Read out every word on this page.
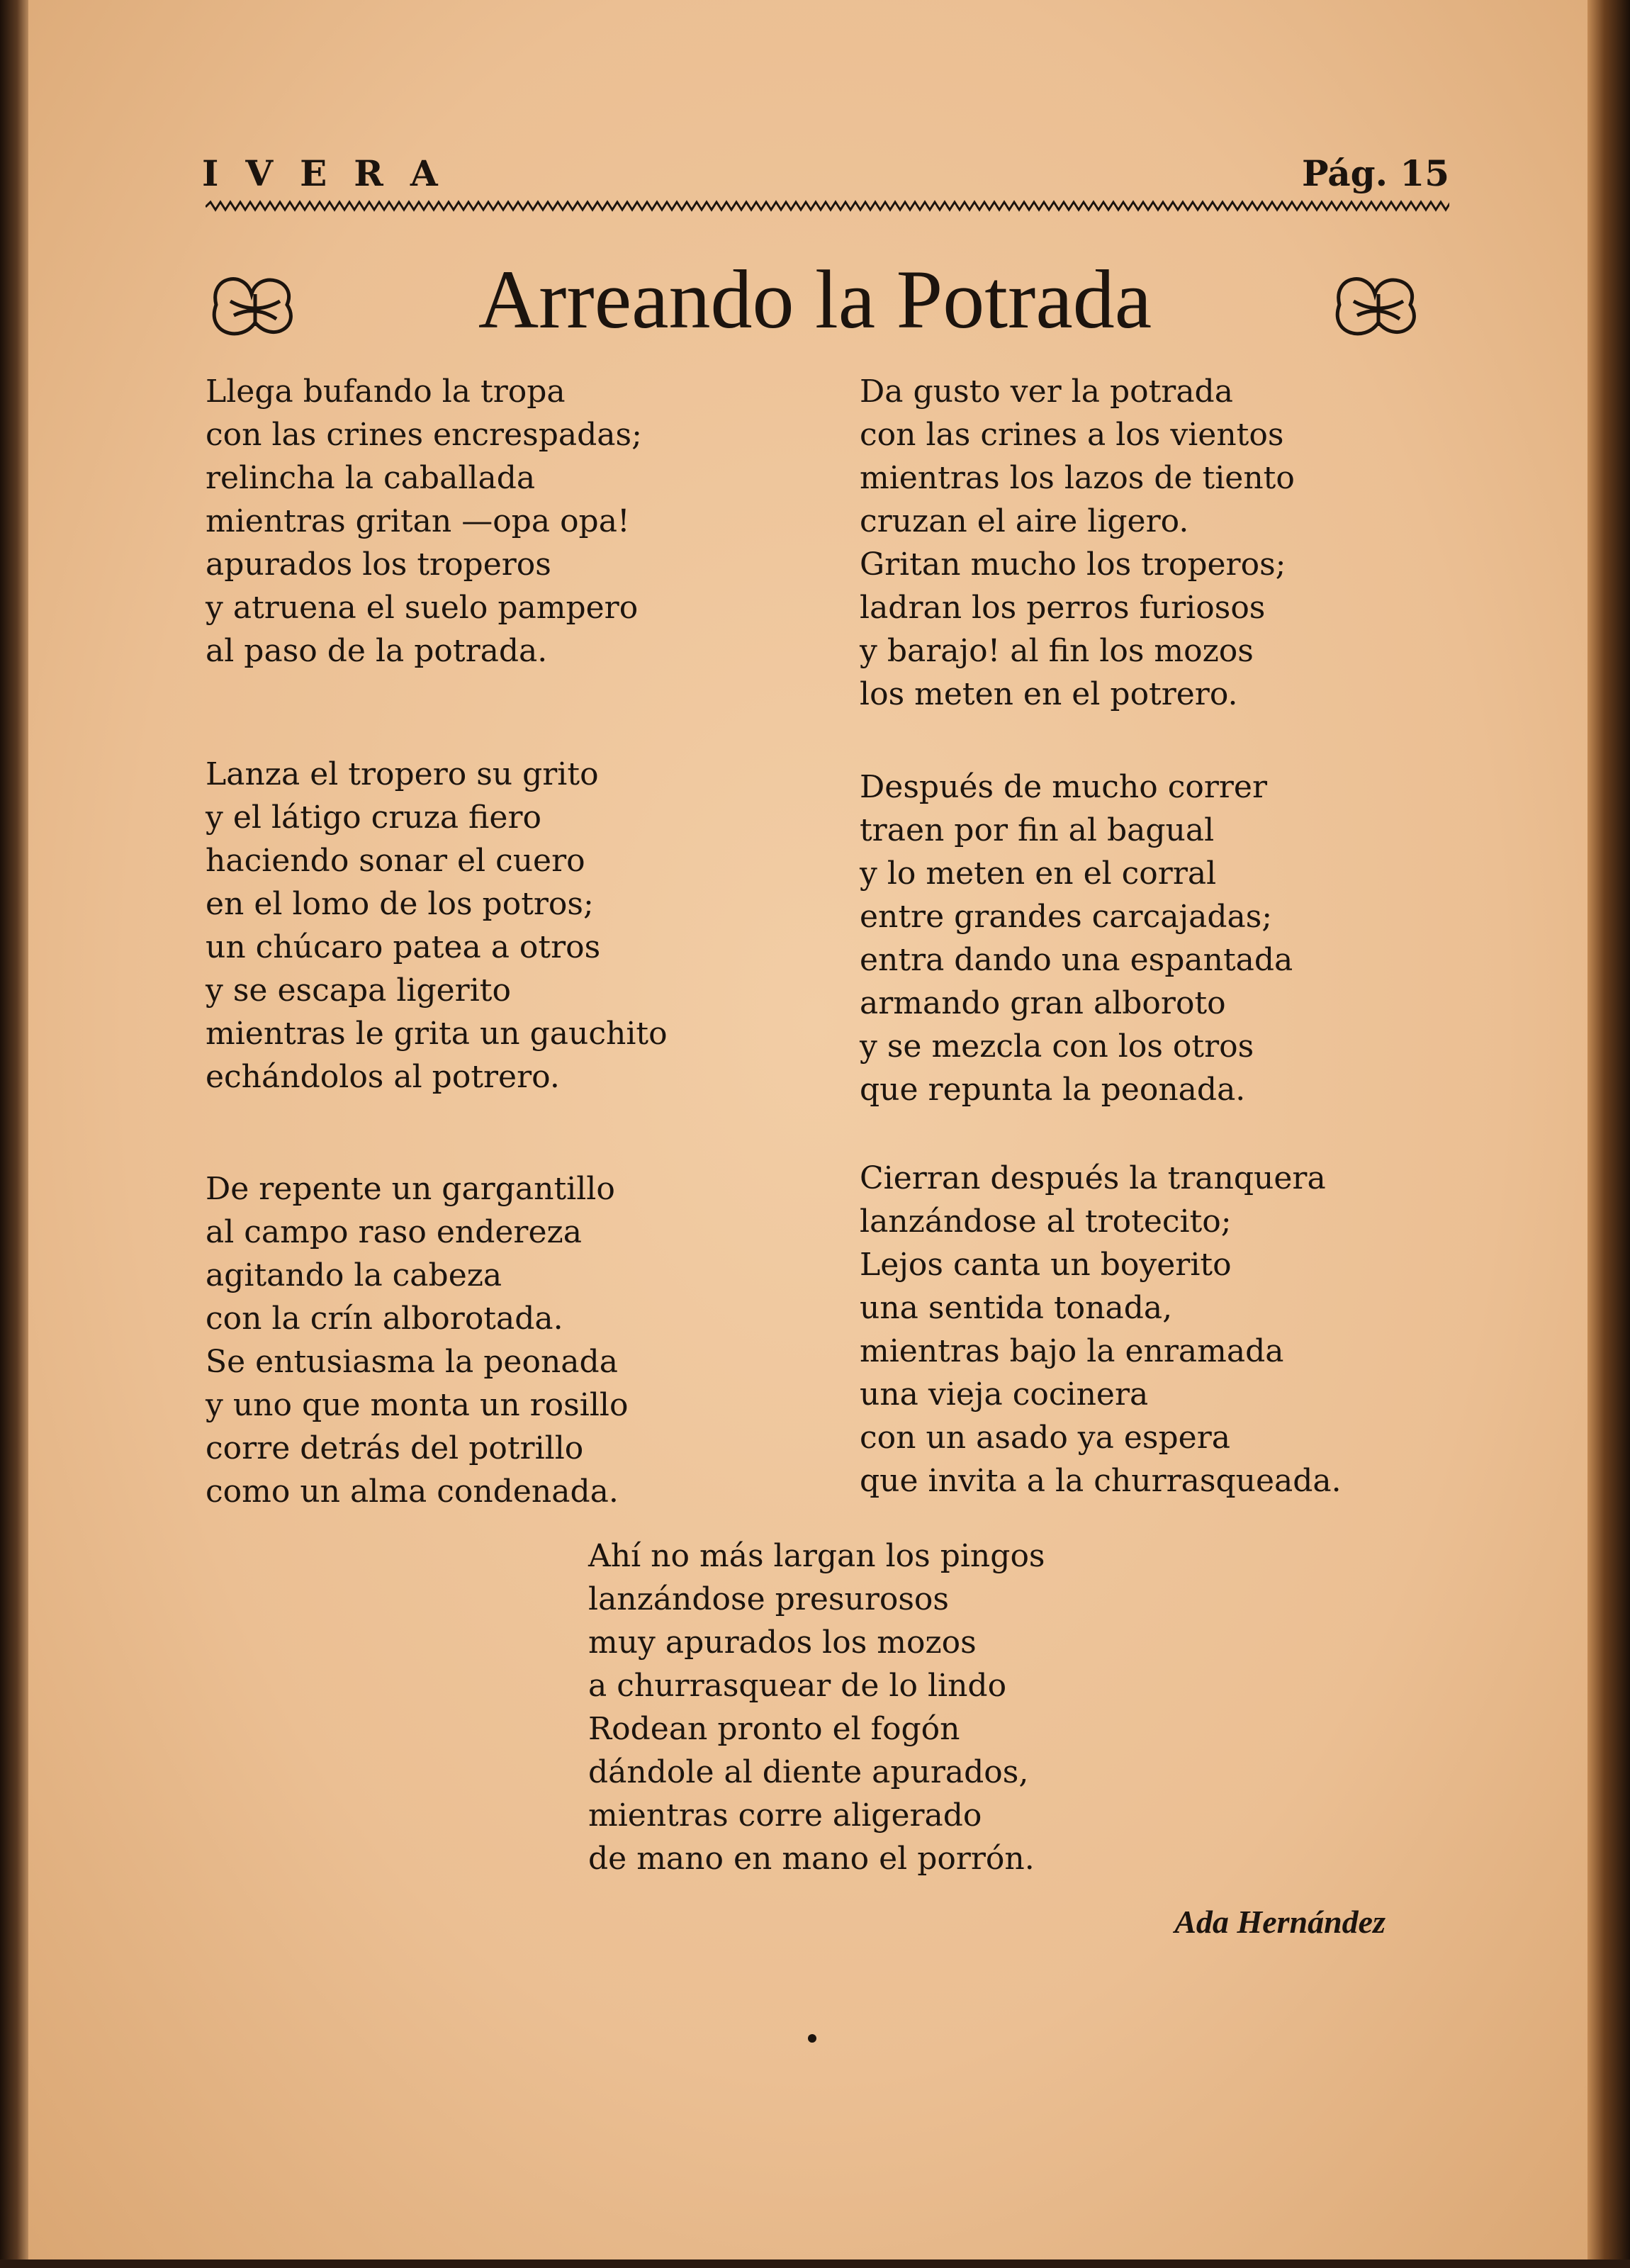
IVERA	Pág. 15
Arreando la Potrada
Llega bufando la tropa
con las crines encrespadas;
relincha la caballada
mientras gritan —opa opa!
apurados los troperos
y atruena el suelo pampero
al paso de la potrada.
Lanza el tropero su grito
y el látigo cruza fiero
haciendo sonar el cuero
en el lomo de los potros;
un chúcaro patea a otros
y se escapa ligerito
mientras le grita un gauchito
echándolos al potrero.
De repente un gargantillo
al campo raso endereza
agitando la cabeza
con la crín alborotada.
Se entusiasma la peonada
y uno que monta un rosillo
corre detrás del potrillo
como un alma condenada.
Da gusto ver la potrada
con las crines a los vientos
mientras los lazos de tiento
cruzan el aire ligero.
Gritan mucho los troperos;
ladran los perros furiosos
y barajo! al fin los mozos
los meten en el potrero.
Después de mucho correr
traen por fin al bagual
y lo meten en el corral
entre grandes carcajadas;
entra dando una espantada
armando gran alboroto
y se mezcla con los otros
que repunta la peonada.
Cierran después la tranquera
lanzándose al trotecito;
Lejos canta un boyerito
una sentida tonada,
mientras bajo la enramada
una vieja cocinera
con un asado ya espera
que invita a la churrasqueada.
Ahí no más largan los pingos
lanzándose presurosos
muy apurados los mozos
a churrasquear de lo lindo
Rodean pronto el fogón
dándole al diente apurados,
mientras corre aligerado
de mano en mano el porrón.
Ada Hernández
